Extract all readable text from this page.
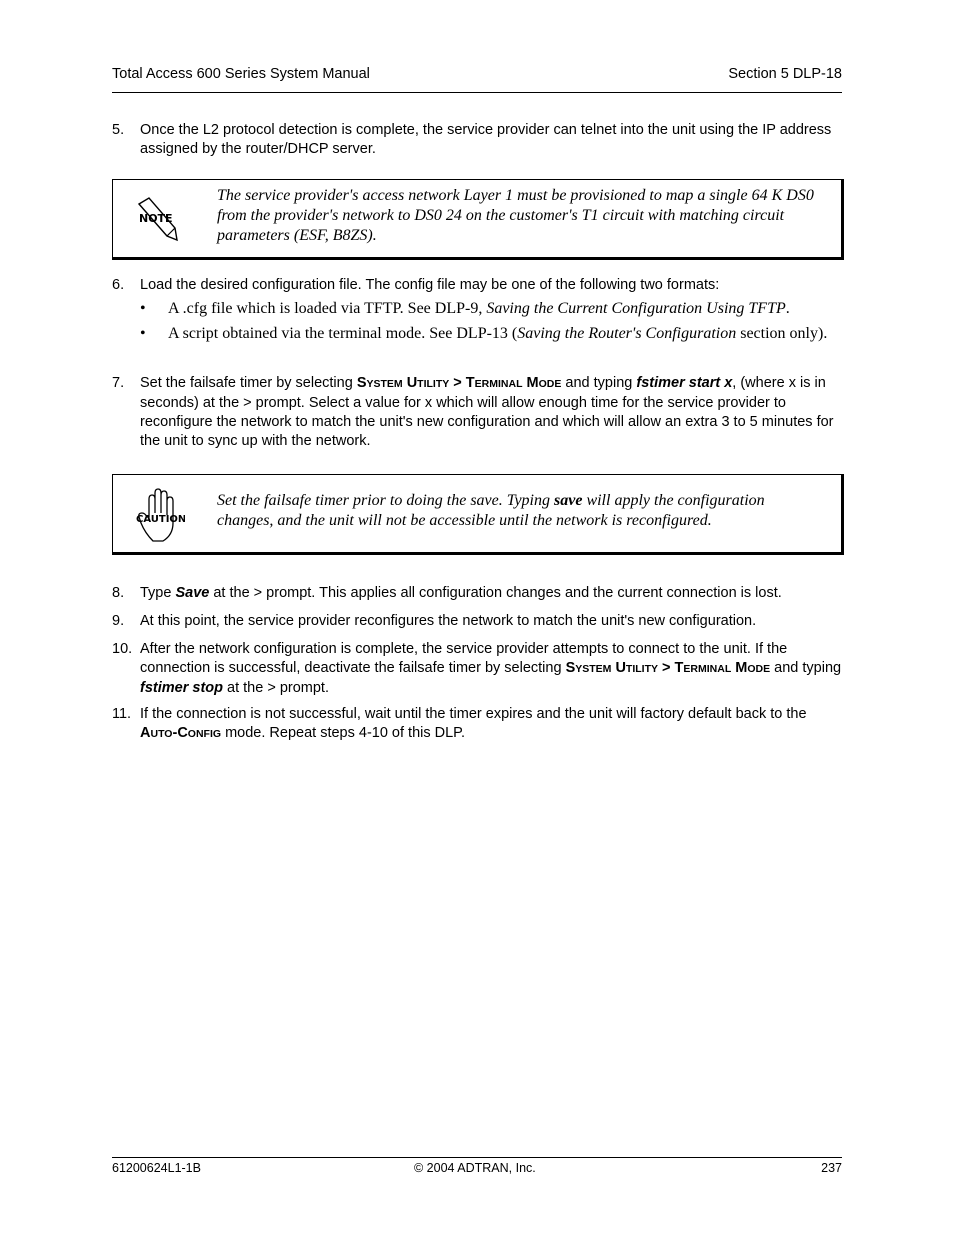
Total Access 600 Series System Manual	Section 5 DLP-18
5.	Once the L2 protocol detection is complete, the service provider can telnet into the unit using the IP address assigned by the router/DHCP server.
NOTE
The service provider's access network Layer 1 must be provisioned to map a single 64 K DS0 from the provider's network to DS0 24 on the customer's T1 circuit with matching circuit parameters (ESF, B8ZS).
6.	Load the desired configuration file. The config file may be one of the following two formats:
• A .cfg file which is loaded via TFTP. See DLP-9, Saving the Current Configuration Using TFTP.
• A script obtained via the terminal mode. See DLP-13 (Saving the Router's Configuration section only).
7.	Set the failsafe timer by selecting SYSTEM UTILITY > TERMINAL MODE and typing fstimer start x, (where x is in seconds) at the > prompt. Select a value for x which will allow enough time for the service provider to reconfigure the network to match the unit's new configuration and which will allow an extra 3 to 5 minutes for the unit to sync up with the network.
CAUTION
Set the failsafe timer prior to doing the save. Typing save will apply the configuration changes, and the unit will not be accessible until the network is reconfigured.
8.	Type Save at the > prompt. This applies all configuration changes and the current connection is lost.
9.	At this point, the service provider reconfigures the network to match the unit's new configuration.
10. After the network configuration is complete, the service provider attempts to connect to the unit. If the connection is successful, deactivate the failsafe timer by selecting SYSTEM UTILITY > TERMINAL MODE and typing fstimer stop at the > prompt.
11. If the connection is not successful, wait until the timer expires and the unit will factory default back to the AUTO-CONFIG mode. Repeat steps 4-10 of this DLP.
61200624L1-1B	© 2004 ADTRAN, Inc.	237
